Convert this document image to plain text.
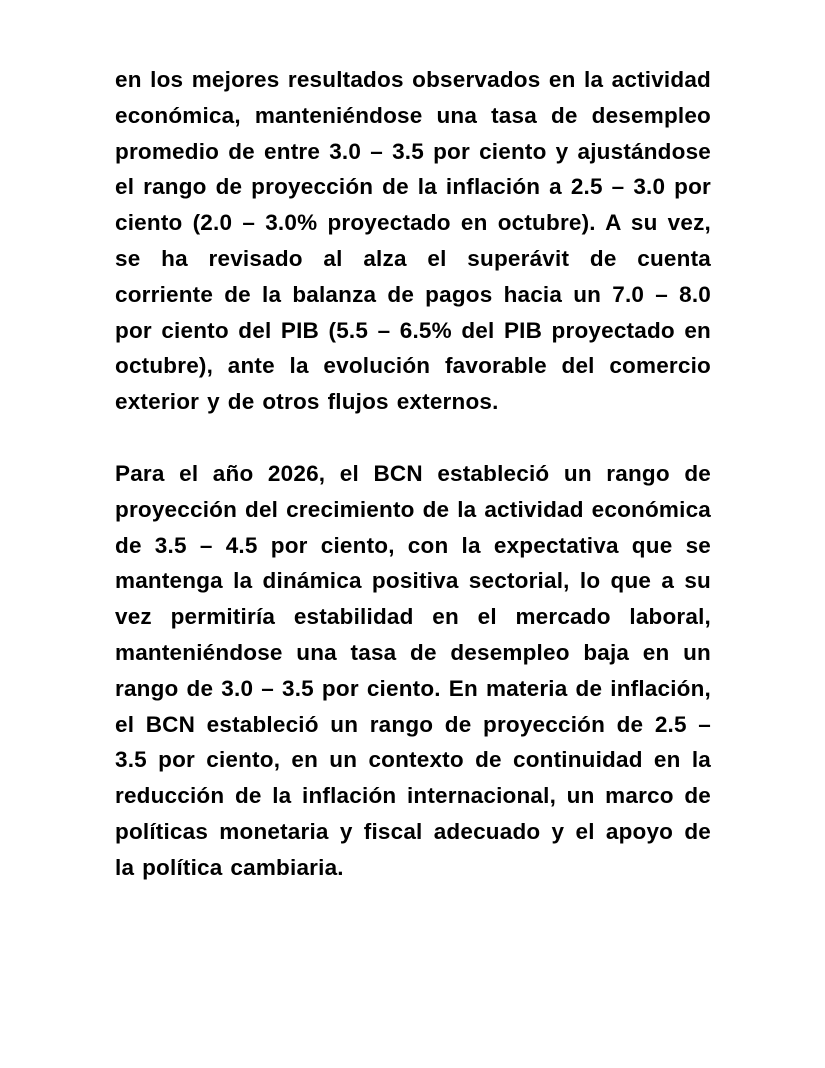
en los mejores resultados observados en la actividad económica, manteniéndose una tasa de desempleo promedio de entre 3.0 – 3.5 por ciento y ajustándose el rango de proyección de la inflación a 2.5 – 3.0 por ciento (2.0 – 3.0% proyectado en octubre). A su vez, se ha revisado al alza el superávit de cuenta corriente de la balanza de pagos hacia un 7.0 – 8.0 por ciento del PIB (5.5 – 6.5% del PIB proyectado en octubre), ante la evolución favorable del comercio exterior y de otros flujos externos.

Para el año 2026, el BCN estableció un rango de proyección del crecimiento de la actividad económica de 3.5 – 4.5 por ciento, con la expectativa que se mantenga la dinámica positiva sectorial, lo que a su vez permitiría estabilidad en el mercado laboral, manteniéndose una tasa de desempleo baja en un rango de 3.0 – 3.5 por ciento. En materia de inflación, el BCN estableció un rango de proyección de 2.5 – 3.5 por ciento, en un contexto de continuidad en la reducción de la inflación internacional, un marco de políticas monetaria y fiscal adecuado y el apoyo de la política cambiaria.
